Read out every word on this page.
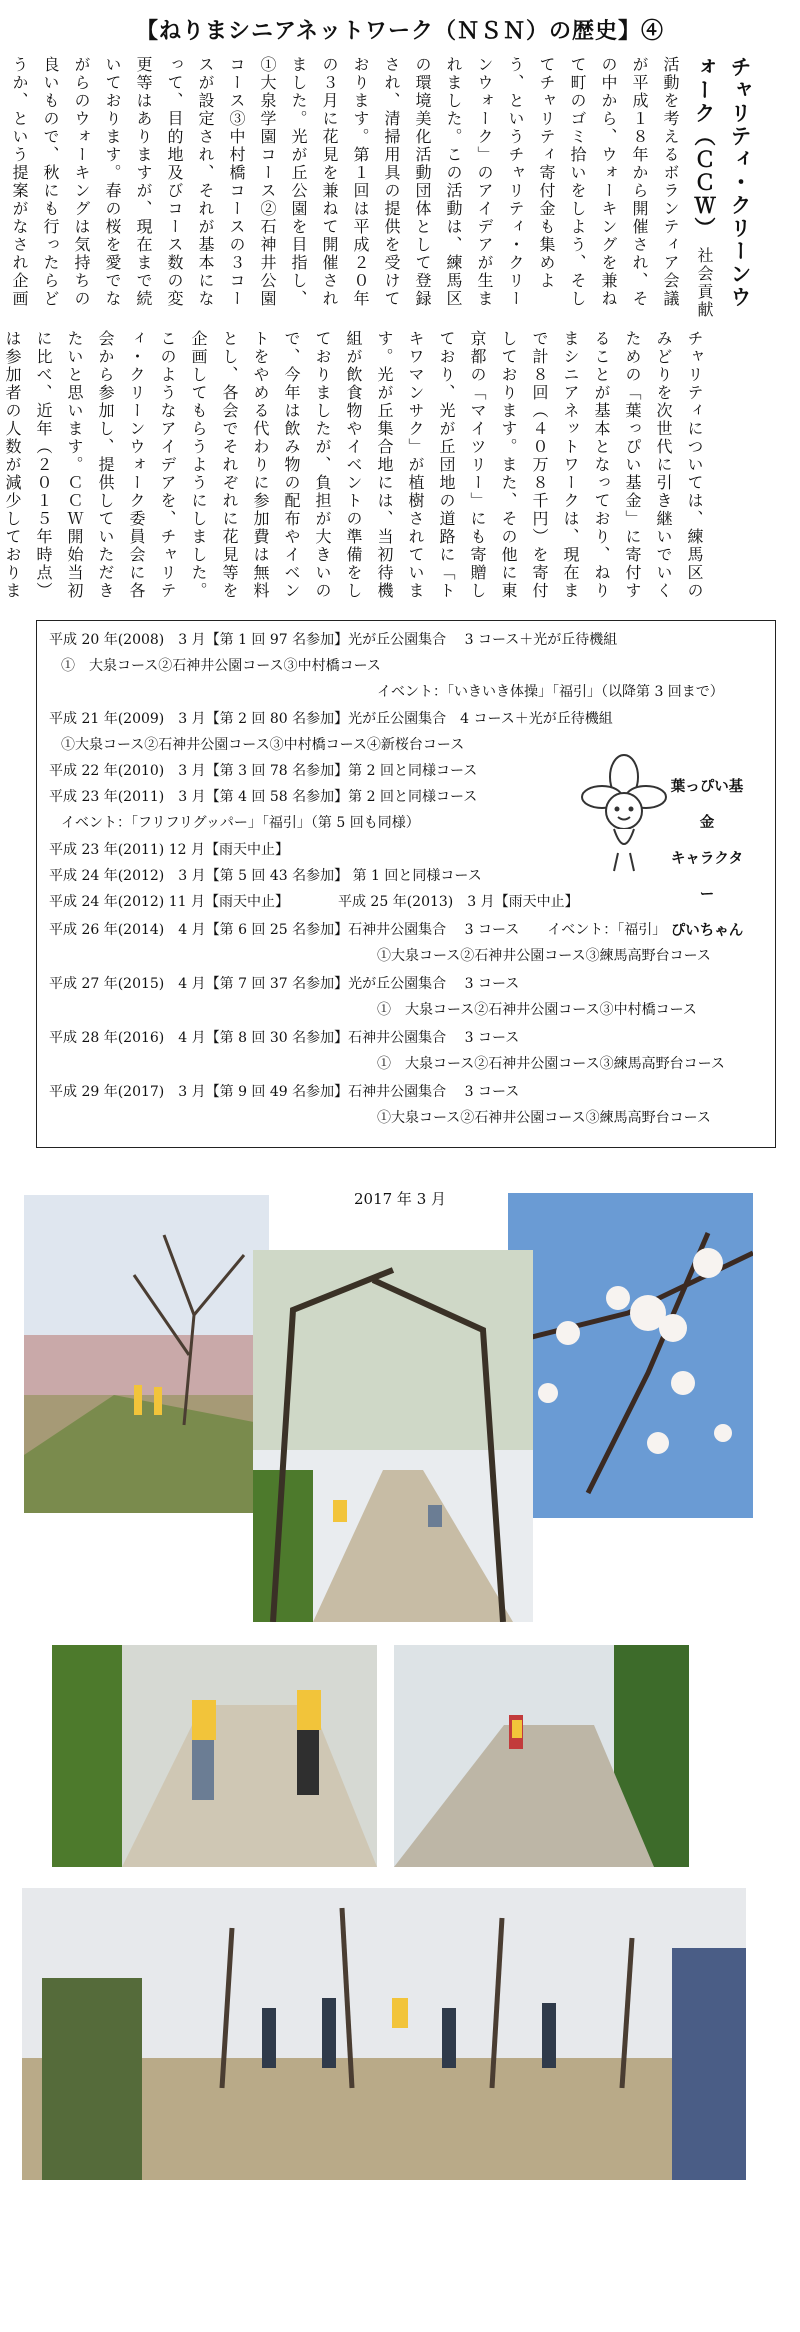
【ねりまシニアネットワーク（ＮＳＮ）の歴史】④
チャリティ・クリーンウォーク（ＣＣＷ） 社会貢献活動を考えるボランティア会議が平成１８年から開催され、その中から、ウォーキングを兼ねて町のゴミ拾いをしよう、そしてチャリティ寄付金も集めよう、というチャリティ・クリーンウォーク」のアイデアが生まれました。この活動は、練馬区の環境美化活動団体として登録され、清掃用具の提供を受けております。第１回は平成２０年の３月に花見を兼ねて開催されました。光が丘公園を目指し、①大泉学園コース②石神井公園コース③中村橋コースの３コースが設定され、それが基本になって、目的地及びコース数の変更等はありますが、現在まで続いております。春の桜を愛でながらのウォーキングは気持ちの良いもので、秋にも行ったらどうか、という提案がなされ企画
平成 20 年(2008)　3 月【第 1 回 97 名参加】光が丘公園集合　 3 コース＋光が丘待機組
①　大泉コース②石神井公園コース③中村橋コース
イベント：「いきいき体操」「福引」（以降第 3 回まで）
平成 21 年(2009)　3 月【第 2 回 80 名参加】光が丘公園集合　4 コース＋光が丘待機組
①大泉コース②石神井公園コース③中村橋コース④新桜台コース
平成 22 年(2010)　3 月【第 3 回 78 名参加】第 2 回と同様コース
平成 23 年(2011)　3 月【第 4 回 58 名参加】第 2 回と同様コース
イベント：「フリフリグッパー」「福引」（第 5 回も同様）
平成 23 年(2011) 12 月【雨天中止】
平成 24 年(2012)　3 月【第 5 回 43 名参加】 第 1 回と同様コース
平成 24 年(2012) 11 月【雨天中止】　　　　平成 25 年(2013)　3 月【雨天中止】
平成 26 年(2014)　4 月【第 6 回 25 名参加】石神井公園集合　 3 コース　　イベント：「福引」
①大泉コース②石神井公園コース③練馬高野台コース
平成 27 年(2015)　4 月【第 7 回 37 名参加】光が丘公園集合　 3 コース
①　大泉コース②石神井公園コース③中村橋コース
平成 28 年(2016)　4 月【第 8 回 30 名参加】石神井公園集合　 3 コース
①　大泉コース②石神井公園コース③練馬高野台コース
平成 29 年(2017)　3 月【第 9 回 49 名参加】石神井公園集合　 3 コース
①大泉コース②石神井公園コース③練馬高野台コース
葉っぴい基金
キャラクター
ぴいちゃん
2017 年 3 月
チャリティについては、練馬区のみどりを次世代に引き継いでいくための「葉っぴい基金」に寄付することが基本となっており、ねりまシニアネットワークは、現在まで計８回（４０万８千円）を寄付しております。また、その他に東京都の「マイツリー」にも寄贈しており、光が丘団地の道路に「トキワマンサク」が植樹されています。光が丘集合地には、当初待機組が飲食物やイベントの準備をしておりましたが、負担が大きいので、今年は飲み物の配布やイベントをやめる代わりに参加費は無料とし、各会でそれぞれに花見等を企画してもらうようにしました。このようなアイデアを、チャリティ・クリーンウォーク委員会に各会から参加し、提供していただきたいと思います。ＣＣＷ開始当初に比べ、近年（２０１５年時点）は参加者の人数が減少しておりま
